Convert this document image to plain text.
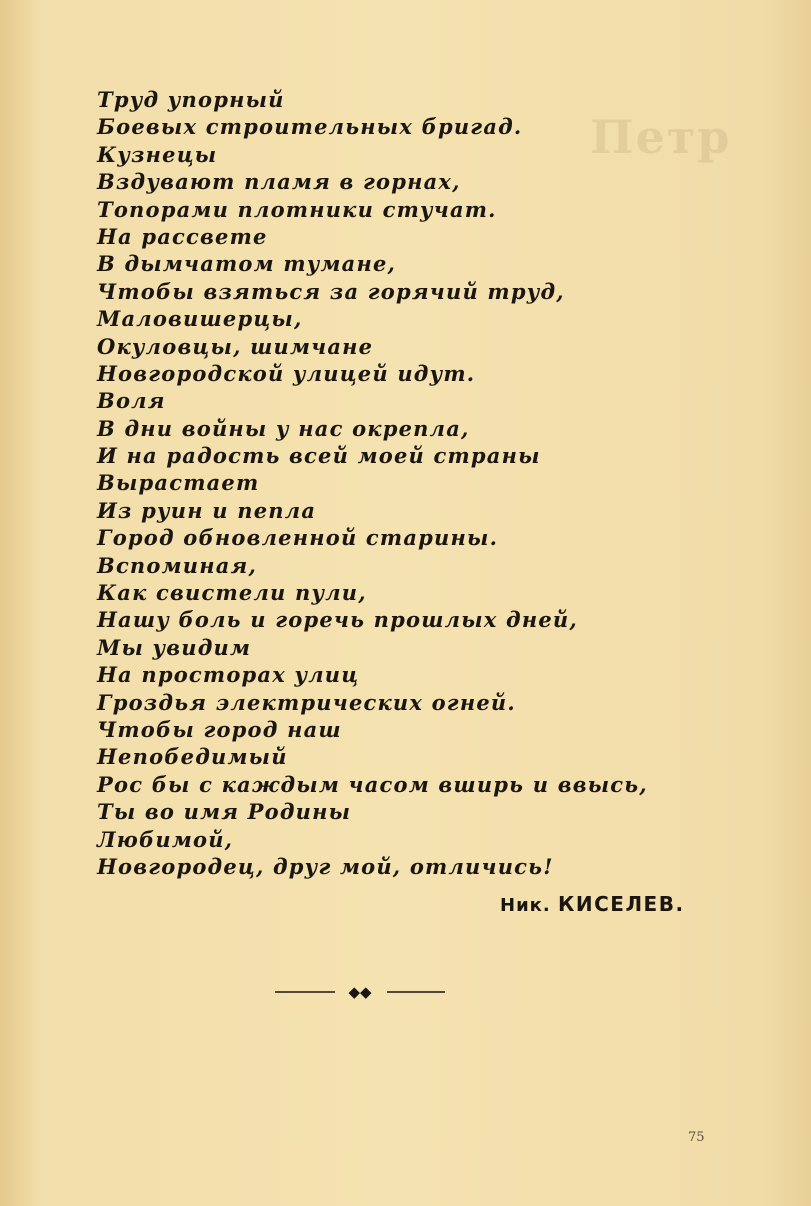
Петр
Труд упорный
Боевых строительных бригад.
Кузнецы
Вздувают пламя в горнах,
Топорами плотники стучат.
На рассвете
В дымчатом тумане,
Чтобы взяться за горячий труд,
Маловишерцы,
Окуловцы, шимчане
Новгородской улицей идут.
Воля
В дни войны у нас окрепла,
И на радость всей моей страны
Вырастает
Из руин и пепла
Город обновленной старины.
Вспоминая,
Как свистели пули,
Нашу боль и горечь прошлых дней,
Мы увидим
На просторах улиц
Гроздья электрических огней.
Чтобы город наш
Непобедимый
Рос бы с каждым часом вширь и ввысь,
Ты во имя Родины
Любимой,
Новгородец, друг мой, отличись!
Ник. КИСЕЛЕВ.
◆◆
75
